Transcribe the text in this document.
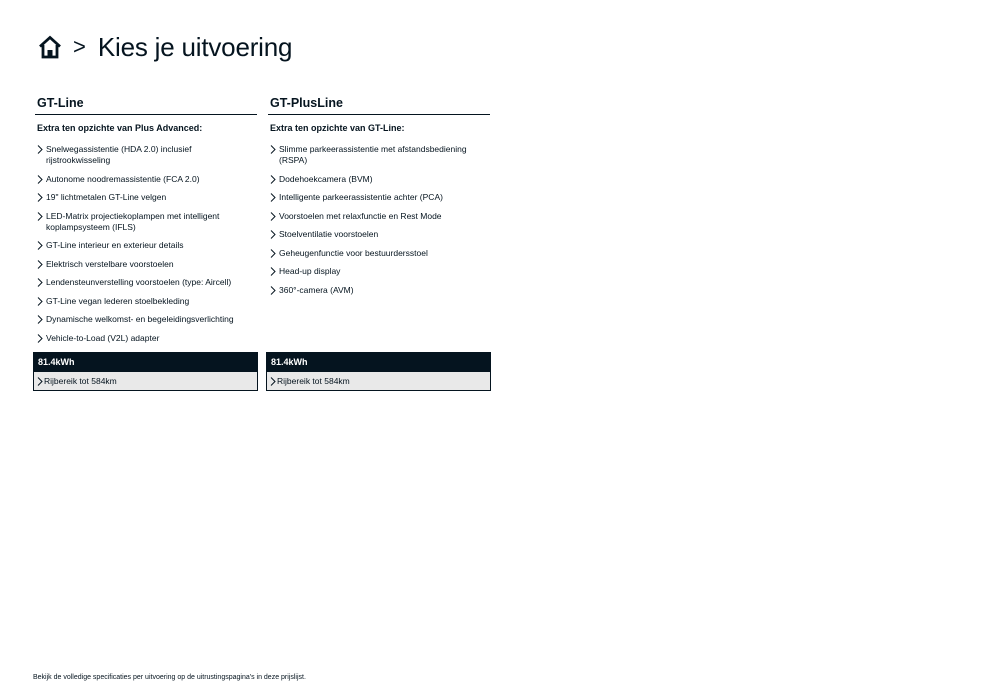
> Kies je uitvoering
GT-Line
Extra ten opzichte van Plus Advanced:
Snelwegassistentie (HDA 2.0) inclusief rijstrookwisseling
Autonome noodremassistentie (FCA 2.0)
19" lichtmetalen GT-Line velgen
LED-Matrix projectiekoplampen met intelligent koplampsysteem (IFLS)
GT-Line interieur en exterieur details
Elektrisch verstelbare voorstoelen
Lendensteunverstelling voorstoelen (type: Aircell)
GT-Line vegan lederen stoelbekleding
Dynamische welkomst- en begeleidingsverlichting
Vehicle-to-Load (V2L) adapter
GT-PlusLine
Extra ten opzichte van GT-Line:
Slimme parkeerassistentie met afstandsbediening (RSPA)
Dodehoekcamera (BVM)
Intelligente parkeerassistentie achter (PCA)
Voorstoelen met relaxfunctie en Rest Mode
Stoelventilatie voorstoelen
Geheugenfunctie voor bestuurdersstoel
Head-up display
360°-camera (AVM)
81.4kWh
Rijbereik tot 584km
81.4kWh
Rijbereik tot 584km
Bekijk de volledige specificaties per uitvoering op de uitrustingspagina's in deze prijslijst.
